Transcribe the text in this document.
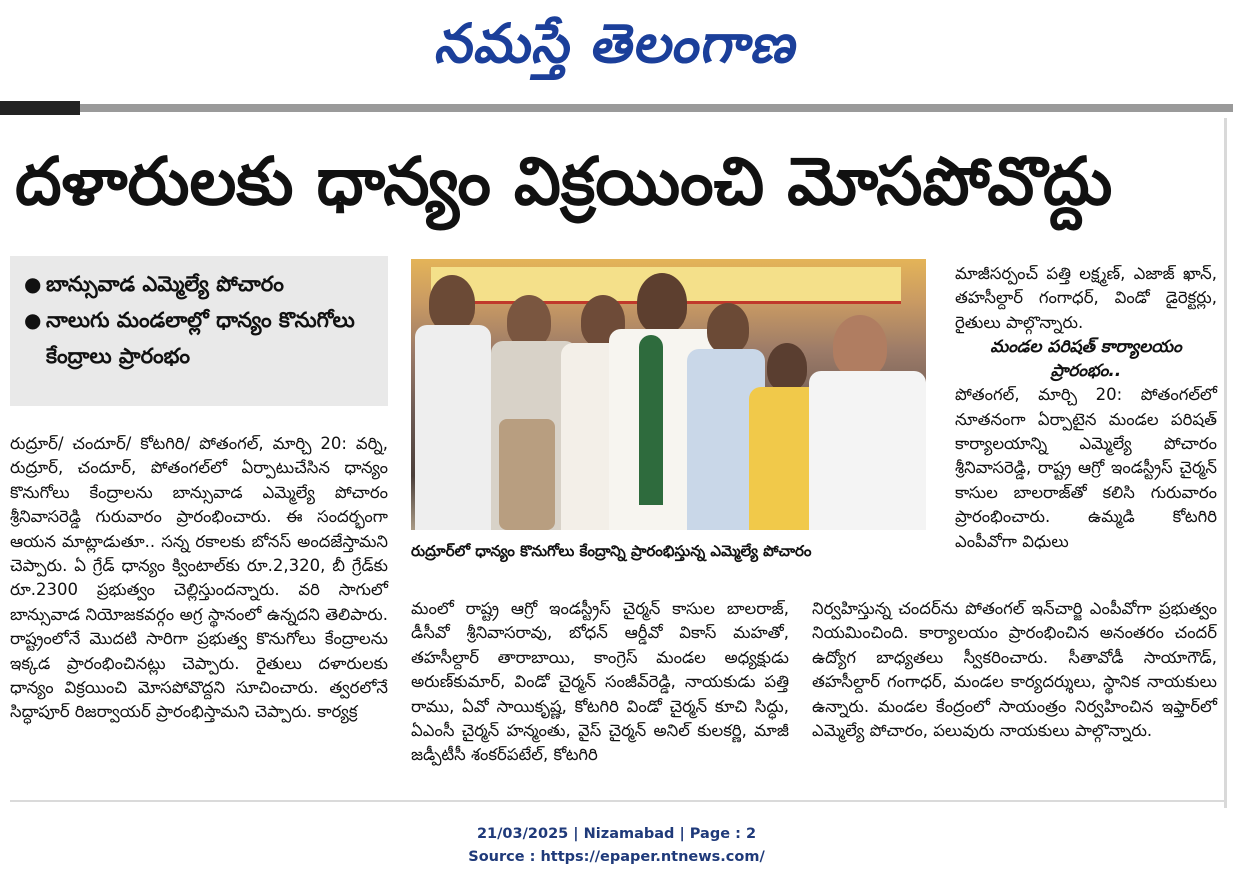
నమస్తే తెలంగాణ
దళారులకు ధాన్యం విక్రయించి మోసపోవొద్దు
● బాన్సువాడ ఎమ్మెల్యే పోచారం
● నాలుగు మండలాల్లో ధాన్యం కొనుగోలు కేంద్రాలు ప్రారంభం
రుద్రూర్‌లో ధాన్యం కొనుగోలు కేంద్రాన్ని ప్రారంభిస్తున్న ఎమ్మెల్యే పోచారం

రుద్రూర్/ చందూర్/ కోటగిరి/ పోతంగల్, మార్చి 20: వర్ని, రుద్రూర్, చందూర్, పోతంగల్‌లో ఏర్పాటుచేసిన ధాన్యం కొనుగోలు కేంద్రాలను బాన్సువాడ ఎమ్మెల్యే పోచారం శ్రీనివాసరెడ్డి గురువారం ప్రారంభించారు. ఈ సందర్భంగా ఆయన మాట్లాడుతూ.. సన్న రకాలకు బోనస్ అందజేస్తామని చెప్పారు. ఏ గ్రేడ్ ధాన్యం క్వింటాల్‌కు రూ.2,320, బీ గ్రేడ్‌కు రూ.2300 ప్రభుత్వం చెల్లిస్తుందన్నారు. వరి సాగులో బాన్సువాడ నియోజకవర్గం అగ్ర స్థానంలో ఉన్నదని తెలిపారు. రాష్ట్రంలోనే మొదటి సారిగా ప్రభుత్వ కొనుగోలు కేంద్రాలను ఇక్కడ ప్రారంభించినట్లు చెప్పారు. రైతులు దళారులకు ధాన్యం విక్రయించి మోసపోవొద్దని సూచించారు. త్వరలోనే సిద్ధాపూర్ రిజర్వాయర్ ప్రారంభిస్తామని చెప్పారు. కార్యక్ర

మంలో రాష్ట్ర ఆగ్రో ఇండస్ట్రీస్ చైర్మన్ కాసుల బాలరాజ్, డీసీవో శ్రీనివాసరావు, బోధన్ ఆర్డీవో వికాస్ మహతో, తహసీల్దార్ తారాబాయి, కాంగ్రెస్ మండల అధ్యక్షుడు అరుణ్‌కుమార్, విండో చైర్మన్ సంజీవ్‌రెడ్డి, నాయకుడు పత్తి రాము, ఏవో సాయికృష్ణ, కోటగిరి విండో చైర్మన్ కూచి సిద్ధు, ఏఎంసీ చైర్మన్ హన్మంతు, వైస్ చైర్మన్ అనిల్ కులకర్ణి, మాజీ జడ్పీటీసీ శంకర్‌పటేల్, కోటగిరి

మాజీసర్పంచ్ పత్తి లక్ష్మణ్, ఎజాజ్ ఖాన్, తహసీల్దార్ గంగాధర్, విండో డైరెక్టర్లు, రైతులు పాల్గొన్నారు.

మండల పరిషత్ కార్యాలయం ప్రారంభం..

పోతంగల్, మార్చి 20: పోతంగల్‌లో నూతనంగా ఏర్పాటైన మండల పరిషత్ కార్యాలయాన్ని ఎమ్మెల్యే పోచారం శ్రీనివాసరెడ్డి, రాష్ట్ర ఆగ్రో ఇండస్ట్రీస్ చైర్మన్ కాసుల బాలరాజ్‌తో కలిసి గురువారం ప్రారంభించారు. ఉమ్మడి కోటగిరి ఎంపీవోగా విధులు

నిర్వహిస్తున్న చందర్‌ను పోతంగల్ ఇన్‌చార్జి ఎంపీవోగా ప్రభుత్వం నియమించింది. కార్యాలయం ప్రారంభించిన అనంతరం చందర్ ఉద్యోగ బాధ్యతలు స్వీకరించారు. సీతావోడీ సాయాగౌడ్, తహసీల్దార్ గంగాధర్, మండల కార్యదర్శులు, స్థానిక నాయకులు ఉన్నారు. మండల కేంద్రంలో సాయంత్రం నిర్వహించిన ఇఫ్తార్‌లో ఎమ్మెల్యే పోచారం, పలువురు నాయకులు పాల్గొన్నారు.

21/03/2025 | Nizamabad | Page : 2
Source : https://epaper.ntnews.com/
